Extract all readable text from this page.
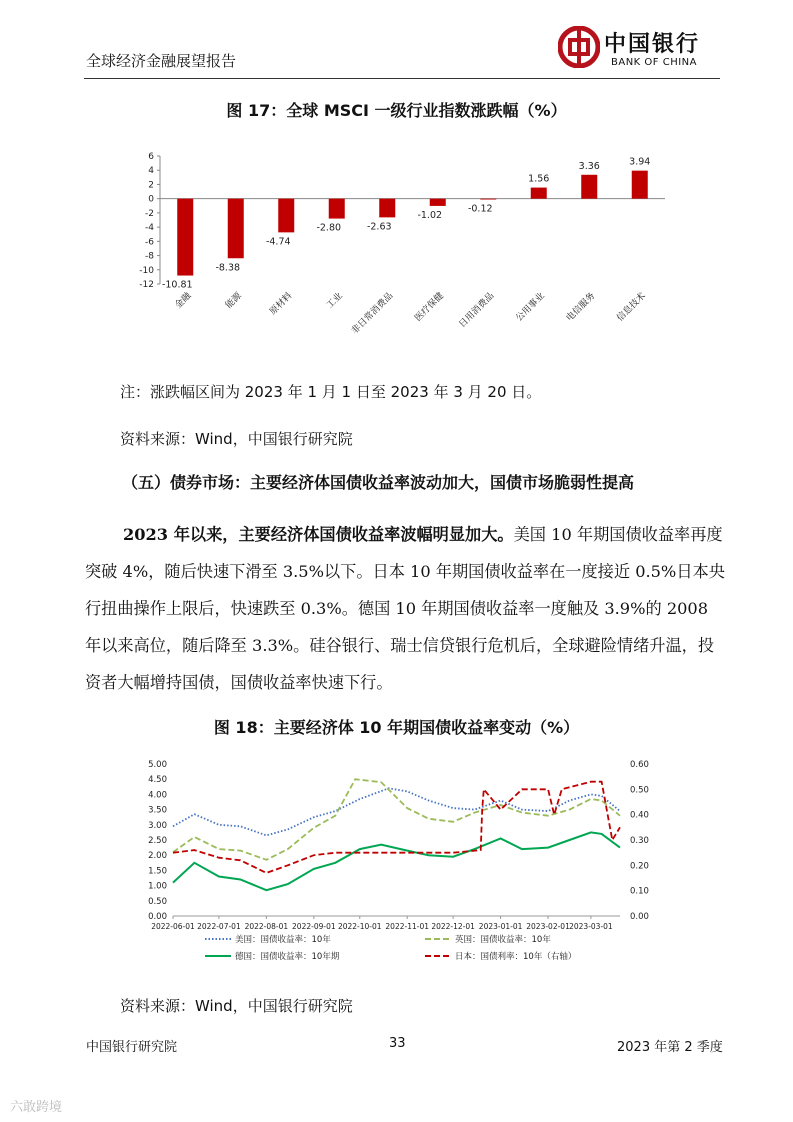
全球经济金融展望报告
中国银行
BANK OF CHINA
图 17：全球 MSCI 一级行业指数涨跌幅（%）
6
4
2
0
-2
-4
-6
-8
-10
-12 -10.81
金融
-8.38
能源
-4.74
原材料
-2.80
工业
-2.63
非日常消费品
-1.02
医疗保健
-0.12
日用消费品
1.56
公用事业
3.36
电信服务
3.94
信息技术
注：涨跌幅区间为 2023 年 1 月 1 日至 2023 年 3 月 20 日。
资料来源：Wind，中国银行研究院
（五）债券市场：主要经济体国债收益率波动加大，国债市场脆弱性提高
2023 年以来，主要经济体国债收益率波幅明显加大。美国 10 年期国债收益率再度突破 4%，随后快速下滑至 3.5%以下。日本 10 年期国债收益率在一度接近 0.5%日本央行扭曲操作上限后，快速跌至 0.3%。德国 10 年期国债收益率一度触及 3.9%的 2008 年以来高位，随后降至 3.3%。硅谷银行、瑞士信贷银行危机后，全球避险情绪升温，投资者大幅增持国债，国债收益率快速下行。
图 18：主要经济体 10 年期国债收益率变动（%）
0.00
0.50
1.00
1.50
2.00
2.50
3.00
3.50
4.00
4.50
5.00
0.00
0.10
0.20
0.30
0.40
0.50
0.60
2022-06-01 2022-07-01 2022-08-01 2022-09-01 2022-10-01 2022-11-01 2022-12-01 2023-01-01 2023-02-01 2023-03-01
美国：国债收益率：10年	英国：国债收益率：10年
德国：国债收益率：10年期	日本：国债利率：10年（右轴）
资料来源：Wind，中国银行研究院
中国银行研究院	33	2023 年第 2 季度
六敢跨境
